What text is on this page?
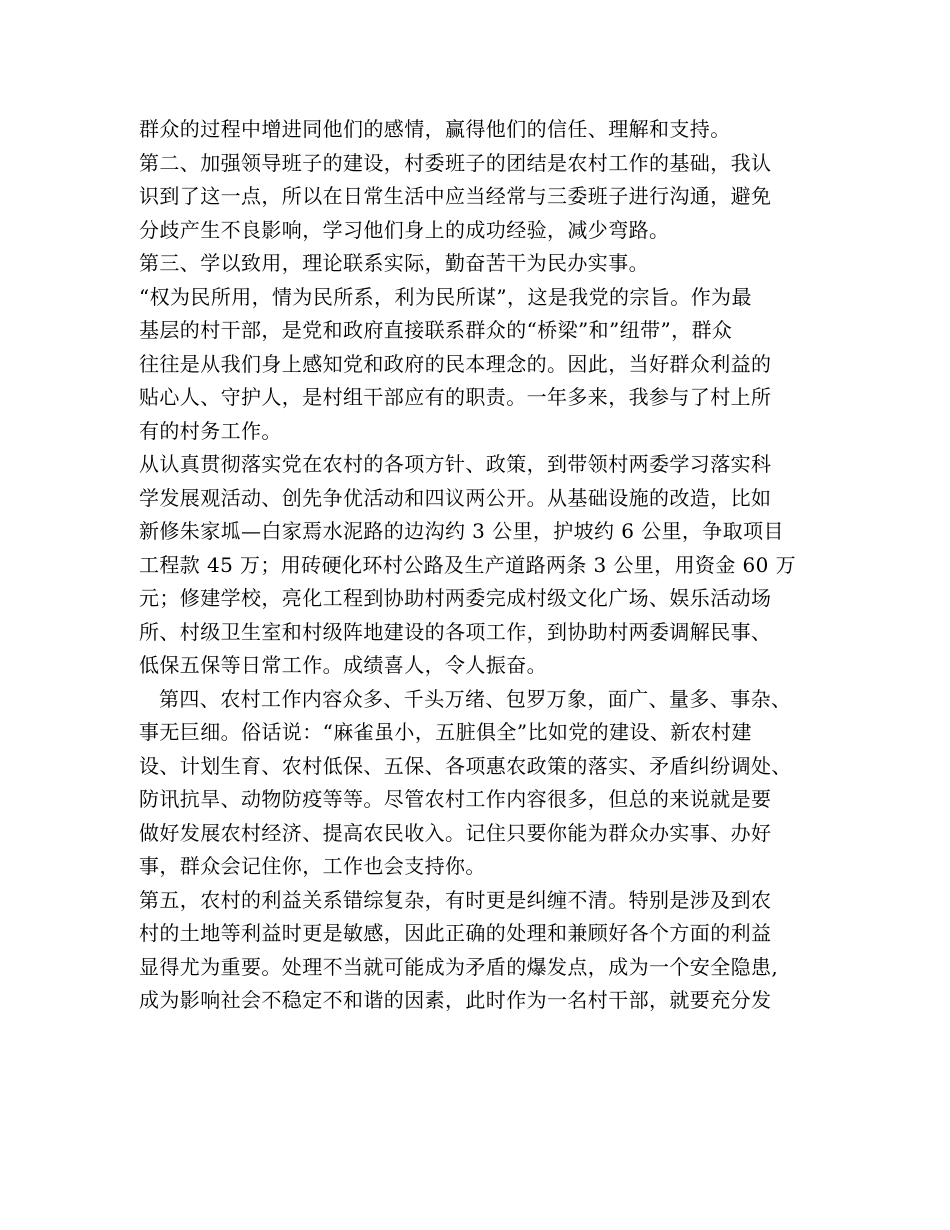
群众的过程中增进同他们的感情，赢得他们的信任、理解和支持。
第二、加强领导班子的建设，村委班子的团结是农村工作的基础，我认
识到了这一点，所以在日常生活中应当经常与三委班子进行沟通，避免
分歧产生不良影响，学习他们身上的成功经验，减少弯路。
第三、学以致用，理论联系实际，勤奋苦干为民办实事。
“权为民所用，情为民所系，利为民所谋”，这是我党的宗旨。作为最
基层的村干部，是党和政府直接联系群众的“桥梁”和”纽带”，群众
往往是从我们身上感知党和政府的民本理念的。因此，当好群众利益的
贴心人、守护人，是村组干部应有的职责。一年多来，我参与了村上所
有的村务工作。
从认真贯彻落实党在农村的各项方针、政策，到带领村两委学习落实科
学发展观活动、创先争优活动和四议两公开。从基础设施的改造，比如
新修朱家坬—白家焉水泥路的边沟约 3 公里，护坡约 6 公里，争取项目
工程款 45 万；用砖硬化环村公路及生产道路两条 3 公里，用资金 60 万
元；修建学校，亮化工程到协助村两委完成村级文化广场、娱乐活动场
所、村级卫生室和村级阵地建设的各项工作，到协助村两委调解民事、
低保五保等日常工作。成绩喜人，令人振奋。
第四、农村工作内容众多、千头万绪、包罗万象，面广、量多、事杂、
事无巨细。俗话说：“麻雀虽小，五脏俱全”比如党的建设、新农村建
设、计划生育、农村低保、五保、各项惠农政策的落实、矛盾纠纷调处、
防讯抗旱、动物防疫等等。尽管农村工作内容很多，但总的来说就是要
做好发展农村经济、提高农民收入。记住只要你能为群众办实事、办好
事，群众会记住你，工作也会支持你。
第五，农村的利益关系错综复杂，有时更是纠缠不清。特别是涉及到农
村的土地等利益时更是敏感，因此正确的处理和兼顾好各个方面的利益
显得尤为重要。处理不当就可能成为矛盾的爆发点，成为一个安全隐患,
成为影响社会不稳定不和谐的因素，此时作为一名村干部，就要充分发
